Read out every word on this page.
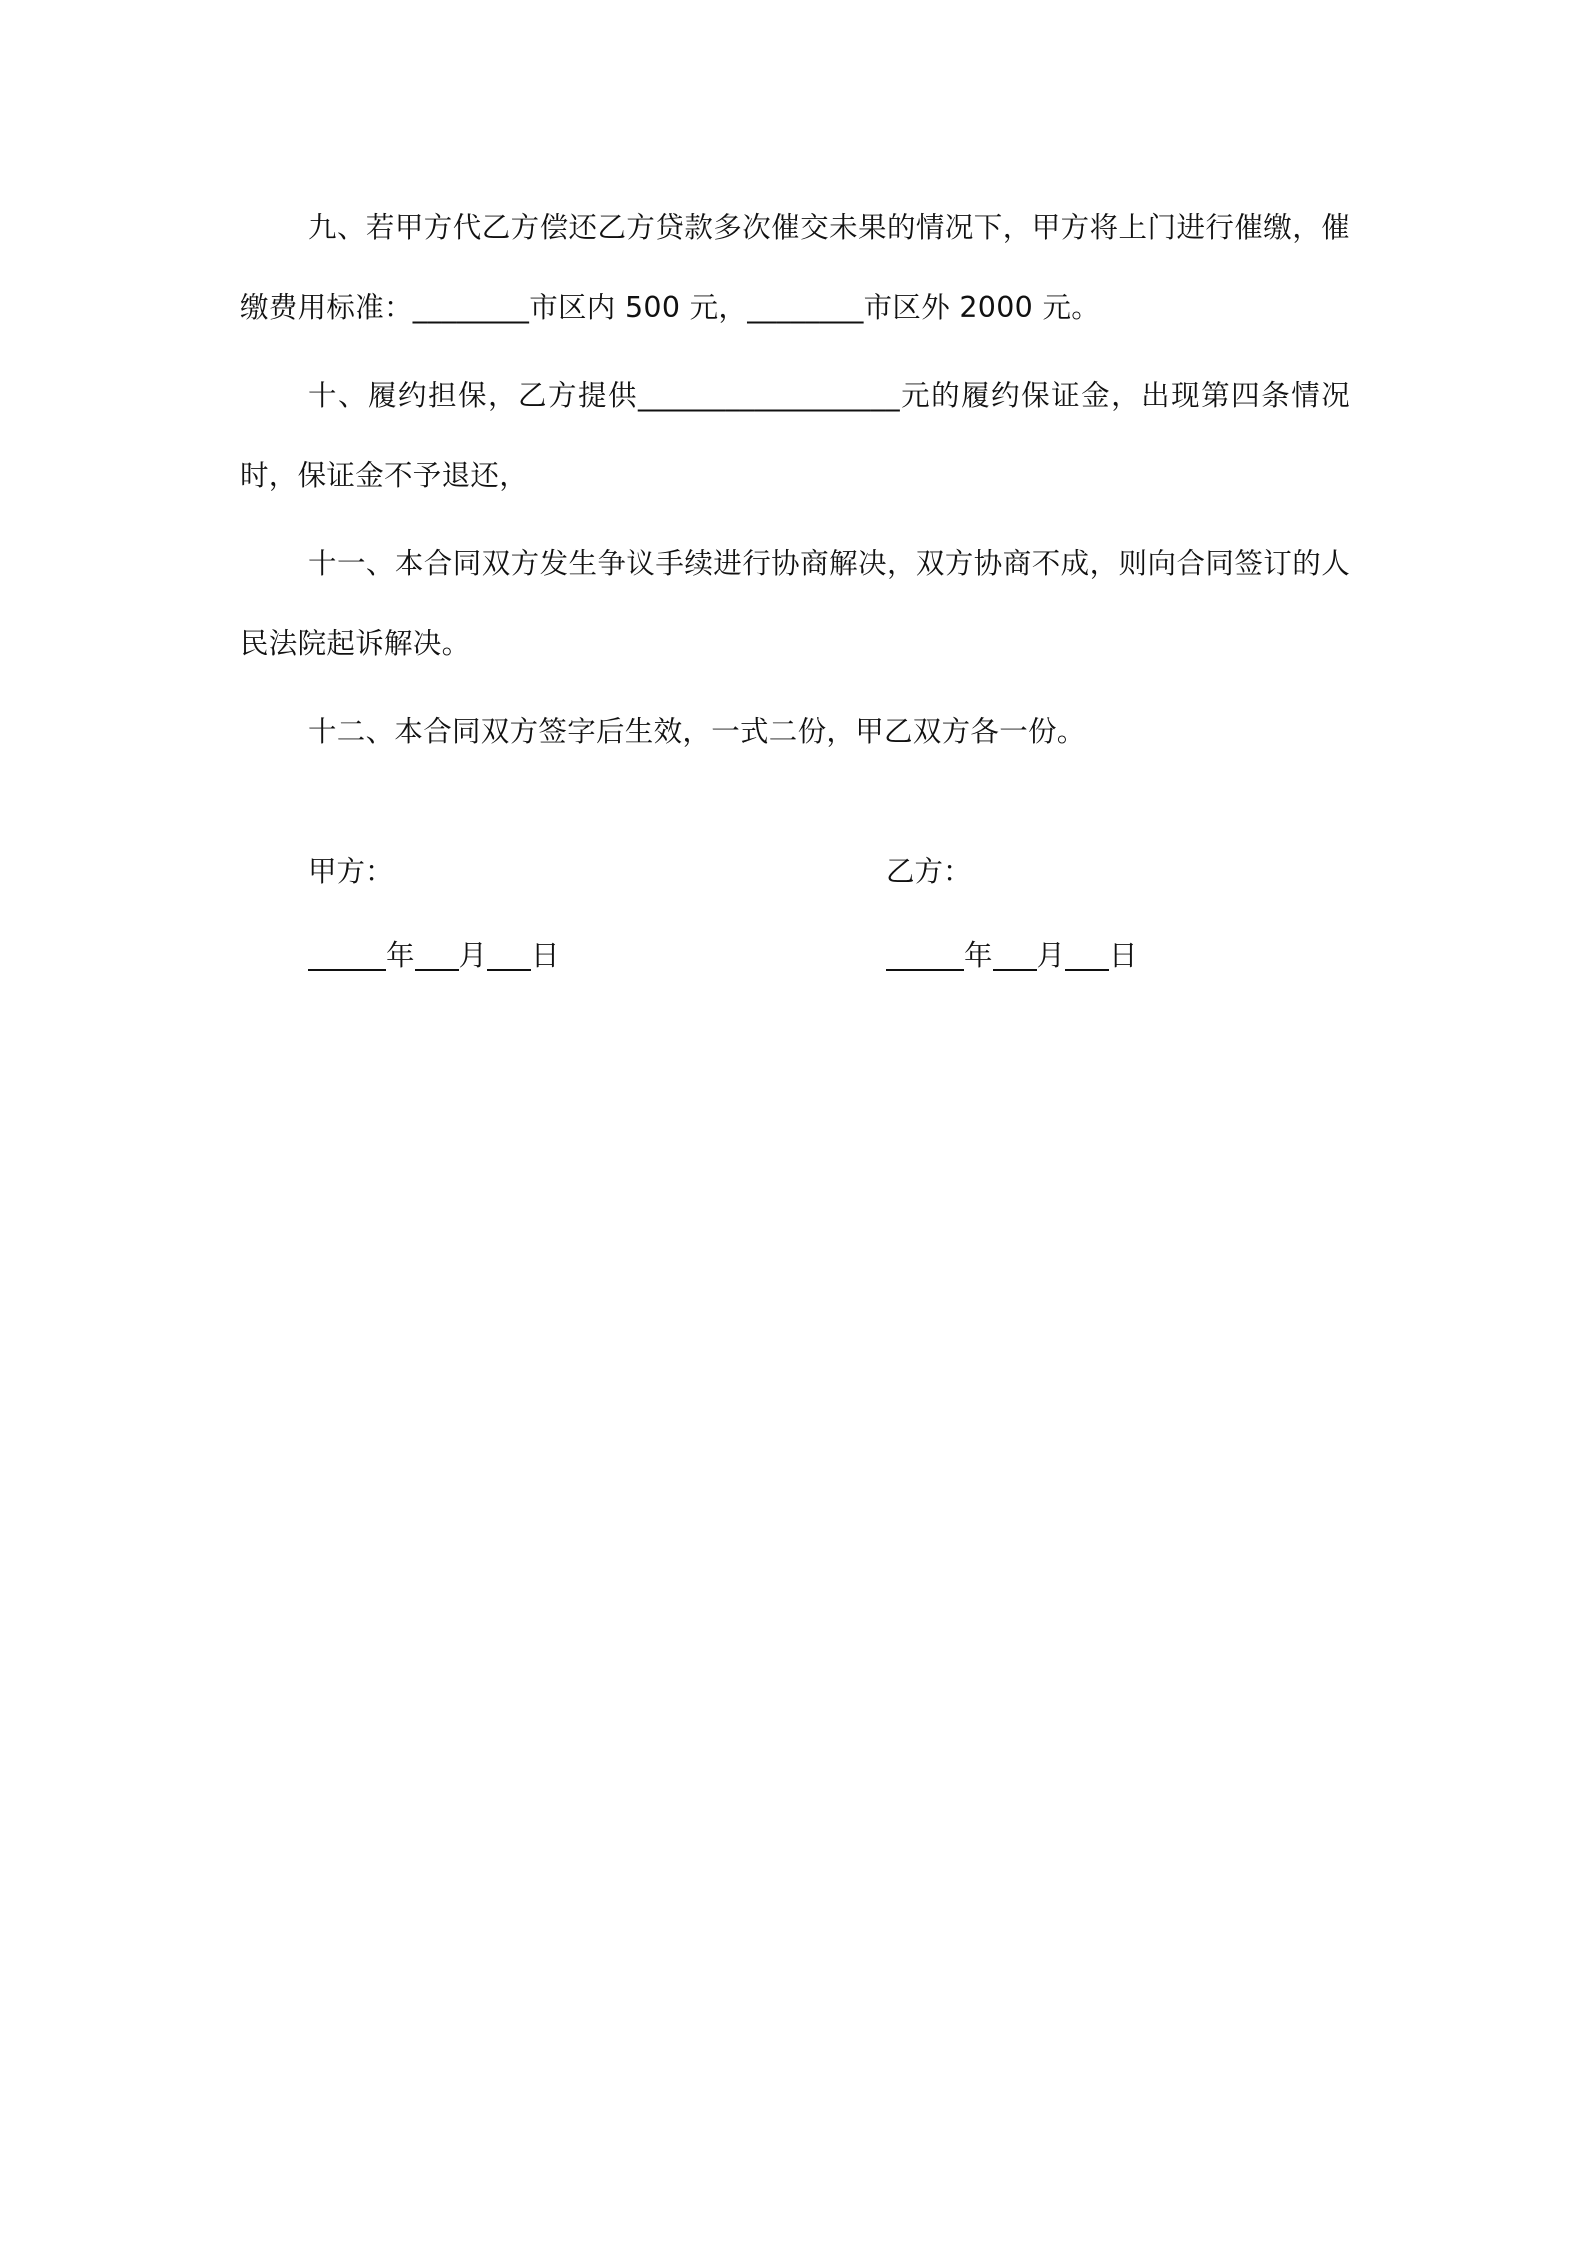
九、若甲方代乙方偿还乙方贷款多次催交未果的情况下，甲方将上门进行催缴，催缴费用标准：________市区内 500 元，________市区外 2000 元。

十、履约担保，乙方提供__________________元的履约保证金，出现第四条情况时，保证金不予退还，

十一、本合同双方发生争议手续进行协商解决，双方协商不成，则向合同签订的人民法院起诉解决。

十二、本合同双方签字后生效，一式二份，甲乙双方各一份。

甲方：	乙方：

年 月 日	年 月 日
